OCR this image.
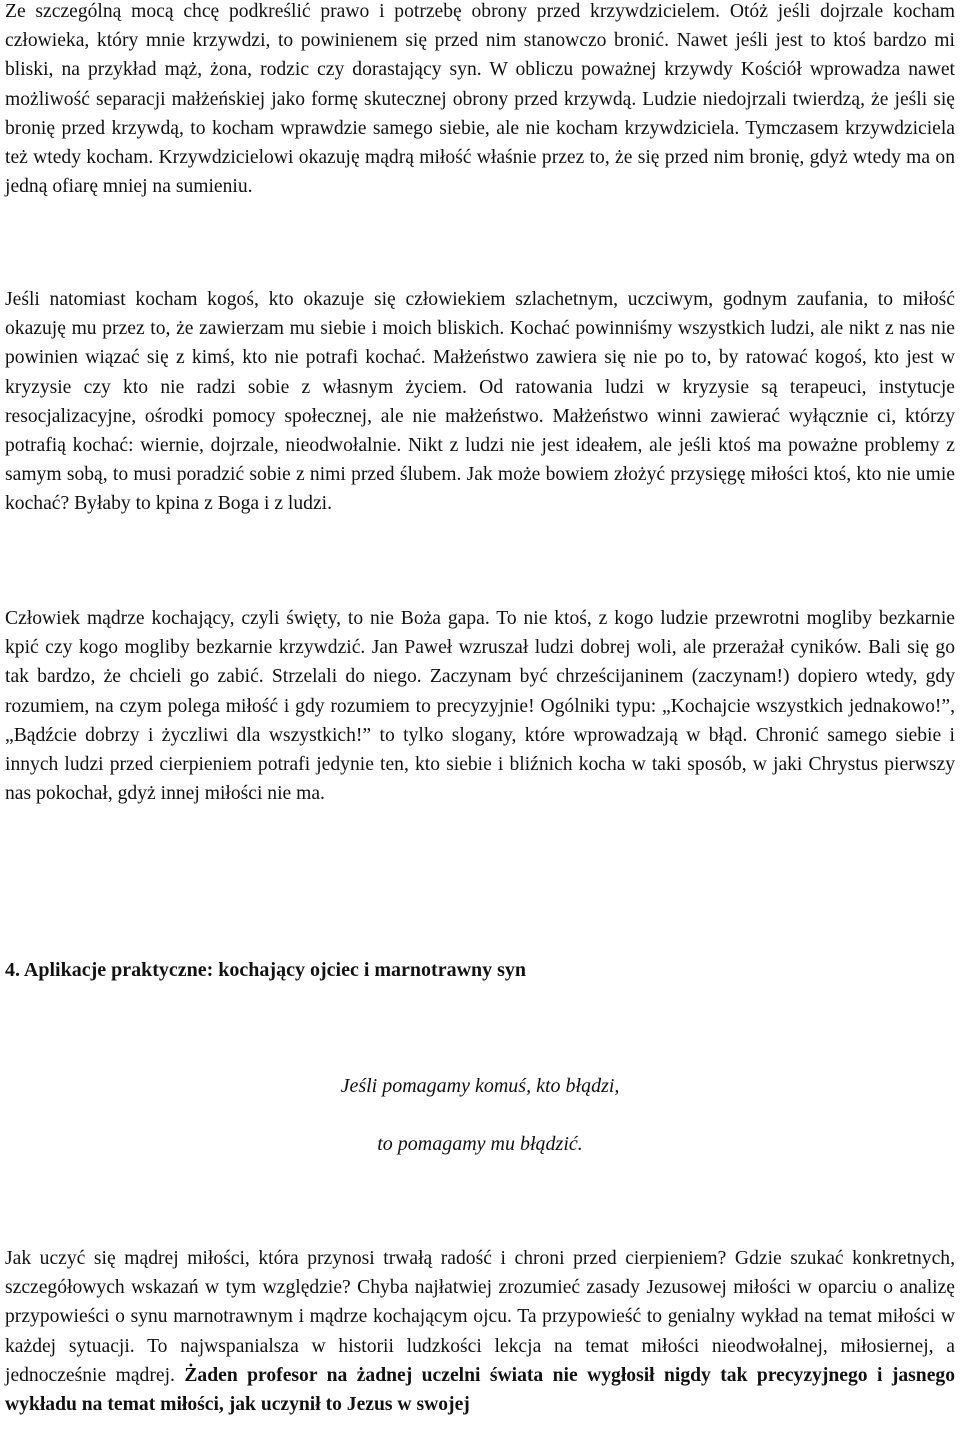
Ze szczególną mocą chcę podkreślić prawo i potrzebę obrony przed krzywdzicielem. Otóż jeśli dojrzale kocham człowieka, który mnie krzywdzi, to powinienem się przed nim stanowczo bronić. Nawet jeśli jest to ktoś bardzo mi bliski, na przykład mąż, żona, rodzic czy dorastający syn. W obliczu poważnej krzywdy Kościół wprowadza nawet możliwość separacji małżeńskiej jako formę skutecznej obrony przed krzywdą. Ludzie niedojrzali twierdzą, że jeśli się bronię przed krzywdą, to kocham wprawdzie samego siebie, ale nie kocham krzywdziciela. Tymczasem krzywdziciela też wtedy kocham. Krzywdzicielowi okazuję mądrą miłość właśnie przez to, że się przed nim bronię, gdyż wtedy ma on jedną ofiarę mniej na sumieniu.

Jeśli natomiast kocham kogoś, kto okazuje się człowiekiem szlachetnym, uczciwym, godnym zaufania, to miłość okazuję mu przez to, że zawierzam mu siebie i moich bliskich. Kochać powinniśmy wszystkich ludzi, ale nikt z nas nie powinien wiązać się z kimś, kto nie potrafi kochać. Małżeństwo zawiera się nie po to, by ratować kogoś, kto jest w kryzysie czy kto nie radzi sobie z własnym życiem. Od ratowania ludzi w kryzysie są terapeuci, instytucje resocjalizacyjne, ośrodki pomocy społecznej, ale nie małżeństwo. Małżeństwo winni zawierać wyłącznie ci, którzy potrafią kochać: wiernie, dojrzale, nieodwołalnie. Nikt z ludzi nie jest ideałem, ale jeśli ktoś ma poważne problemy z samym sobą, to musi poradzić sobie z nimi przed ślubem. Jak może bowiem złożyć przysięgę miłości ktoś, kto nie umie kochać? Byłaby to kpina z Boga i z ludzi.

Człowiek mądrze kochający, czyli święty, to nie Boża gapa. To nie ktoś, z kogo ludzie przewrotni mogliby bezkarnie kpić czy kogo mogliby bezkarnie krzywdzić. Jan Paweł wzruszał ludzi dobrej woli, ale przerażał cyników. Bali się go tak bardzo, że chcieli go zabić. Strzelali do niego. Zaczynam być chrześcijaninem (zaczynam!) dopiero wtedy, gdy rozumiem, na czym polega miłość i gdy rozumiem to precyzyjnie! Ogólniki typu: „Kochajcie wszystkich jednakowo!”, „Bądźcie dobrzy i życzliwi dla wszystkich!” to tylko slogany, które wprowadzają w błąd. Chronić samego siebie i innych ludzi przed cierpieniem potrafi jedynie ten, kto siebie i bliźnich kocha w taki sposób, w jaki Chrystus pierwszy nas pokochał, gdyż innej miłości nie ma.

4. Aplikacje praktyczne: kochający ojciec i marnotrawny syn

Jeśli pomagamy komuś, kto błądzi,

to pomagamy mu błądzić.

Jak uczyć się mądrej miłości, która przynosi trwałą radość i chroni przed cierpieniem? Gdzie szukać konkretnych, szczegółowych wskazań w tym względzie? Chyba najłatwiej zrozumieć zasady Jezusowej miłości w oparciu o analizę przypowieści o synu marnotrawnym i mądrze kochającym ojcu. Ta przypowieść to genialny wykład na temat miłości w każdej sytuacji. To najwspanialsza w historii ludzkości lekcja na temat miłości nieodwołalnej, miłosiernej, a jednocześnie mądrej. Żaden profesor na żadnej uczelni świata nie wygłosił nigdy tak precyzyjnego i jasnego wykładu na temat miłości, jak uczynił to Jezus w swojej
